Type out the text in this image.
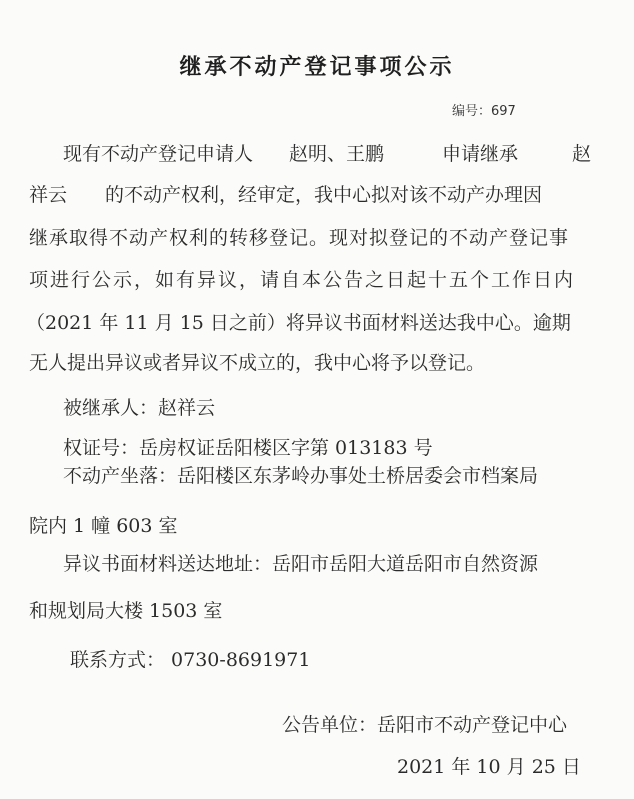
继承不动产登记事项公示
编号：697
现有不动产登记申请人 赵明、王鹏	申请继承	赵
祥云 的不动产权利，经审定，我中心拟对该不动产办理因
继承取得不动产权利的转移登记。现对拟登记的不动产登记事
项进行公示，如有异议，请自本公告之日起十五个工作日内
（2021 年 11 月 15 日之前）将异议书面材料送达我中心。逾期
无人提出异议或者异议不成立的，我中心将予以登记。
被继承人：赵祥云
权证号：岳房权证岳阳楼区字第 013183 号
不动产坐落：岳阳楼区东茅岭办事处土桥居委会市档案局
院内 1 幢 603 室
异议书面材料送达地址：岳阳市岳阳大道岳阳市自然资源
和规划局大楼 1503 室
联系方式： 0730-8691971
公告单位：岳阳市不动产登记中心
2021 年 10 月 25 日
